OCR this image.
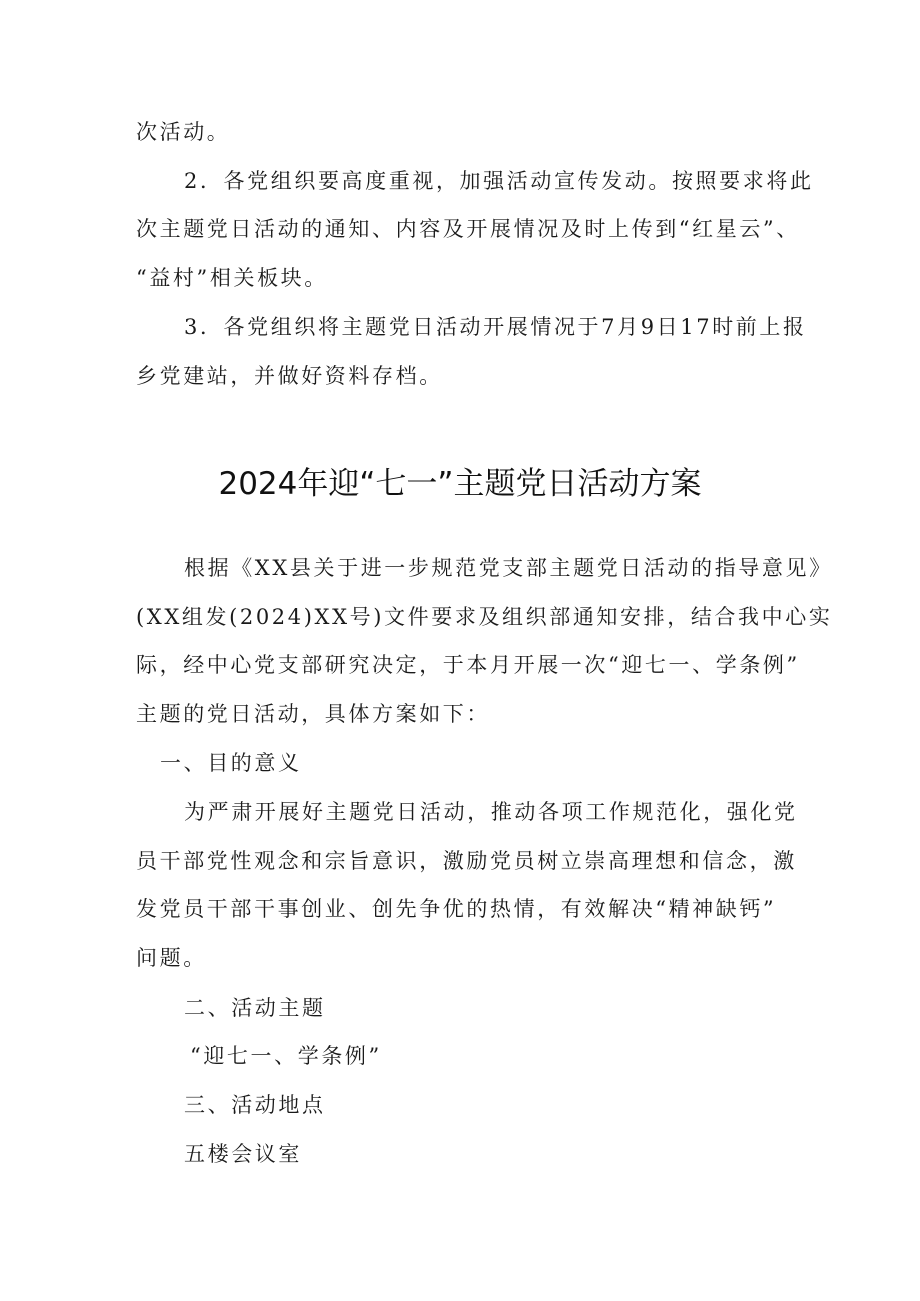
次活动。
2．各党组织要高度重视，加强活动宣传发动。按照要求将此
次主题党日活动的通知、内容及开展情况及时上传到“红星云”、
“益村”相关板块。
3．各党组织将主题党日活动开展情况于7月9日17时前上报
乡党建站，并做好资料存档。
2024年迎“七一”主题党日活动方案
根据《XX县关于进一步规范党支部主题党日活动的指导意见》
(XX组发(2024)XX号)文件要求及组织部通知安排，结合我中心实
际，经中心党支部研究决定，于本月开展一次“迎七一、学条例”
主题的党日活动，具体方案如下：
一、目的意义
为严肃开展好主题党日活动，推动各项工作规范化，强化党
员干部党性观念和宗旨意识，激励党员树立崇高理想和信念，激
发党员干部干事创业、创先争优的热情，有效解决“精神缺钙”
问题。
二、活动主题
“迎七一、学条例”
三、活动地点
五楼会议室
